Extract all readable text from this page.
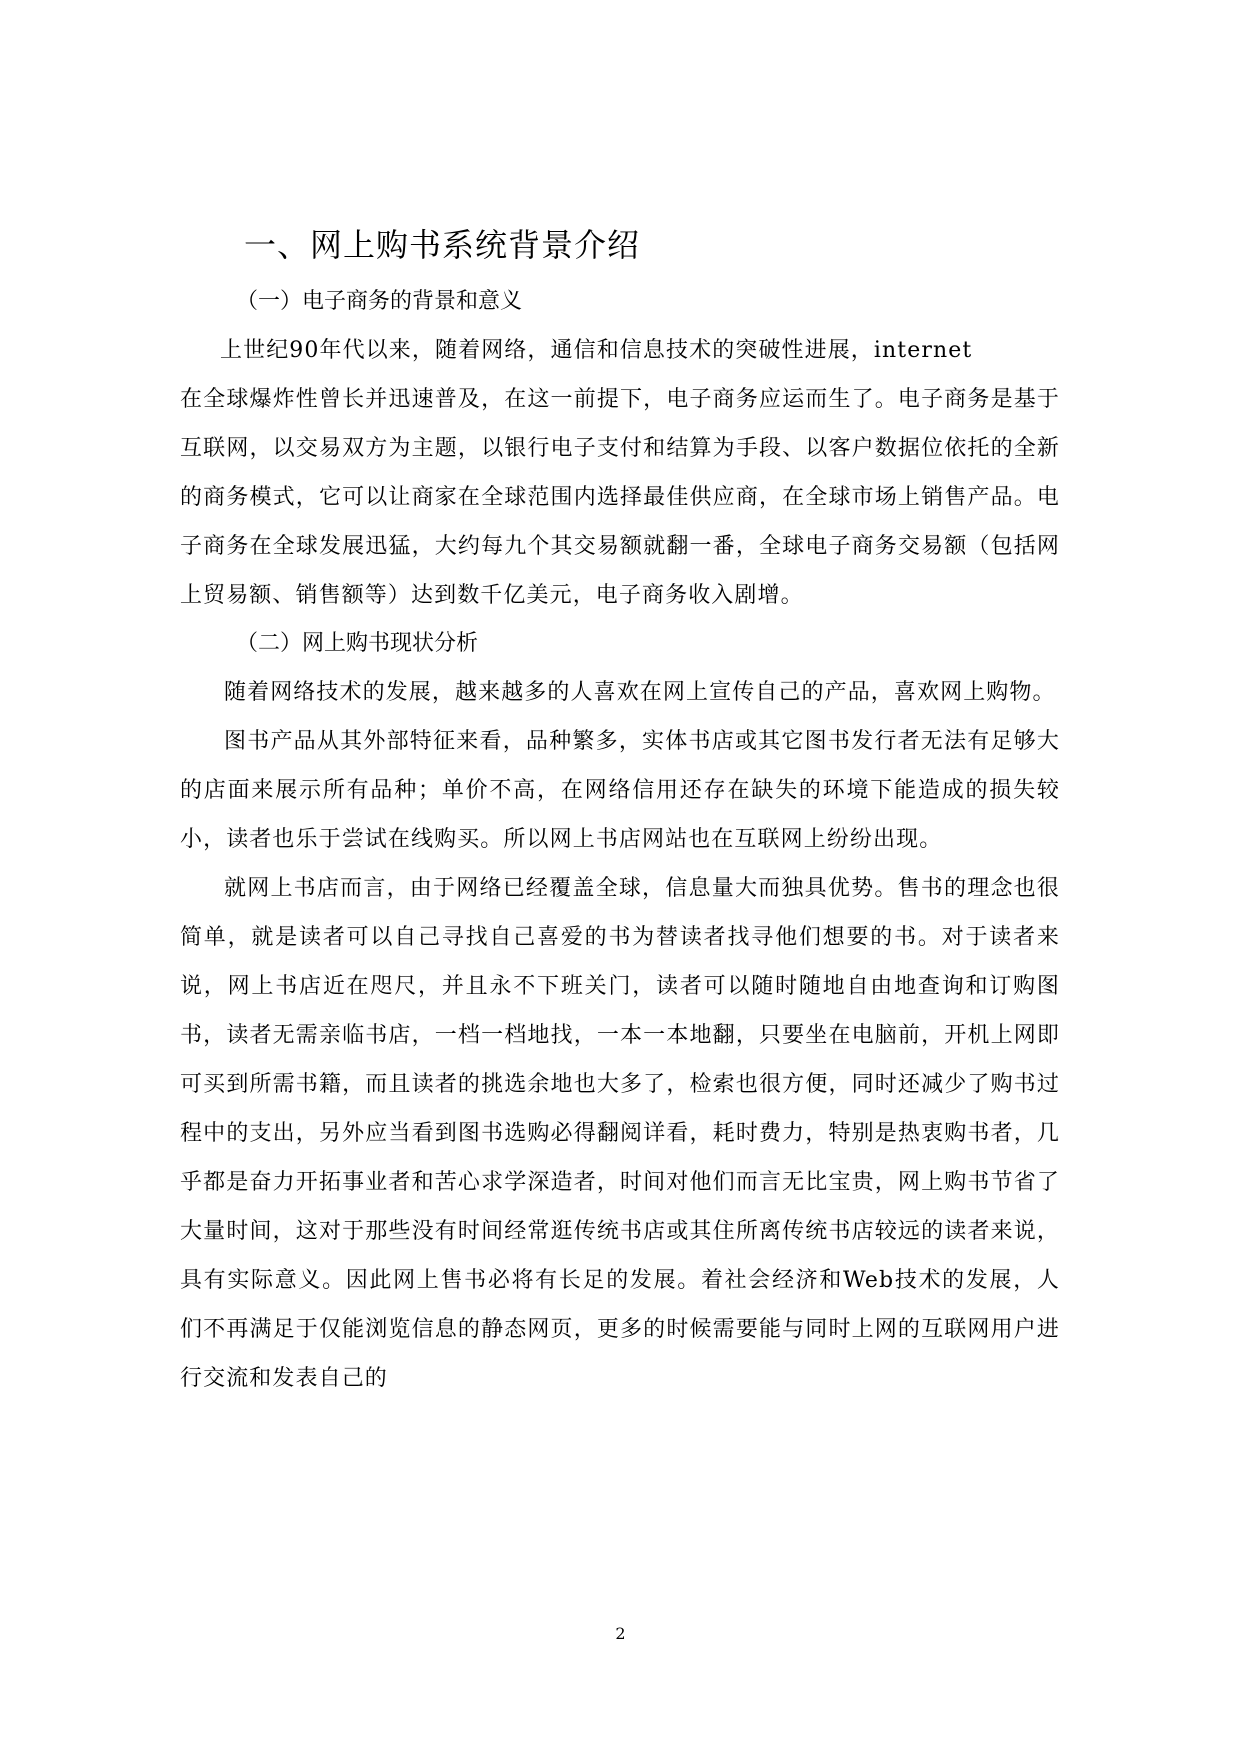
一、网上购书系统背景介绍
（一）电子商务的背景和意义

上世纪90年代以来，随着网络，通信和信息技术的突破性进展，internet

在全球爆炸性曾长并迅速普及，在这一前提下，电子商务应运而生了。电子商务是基于互联网，以交易双方为主题，以银行电子支付和结算为手段、以客户数据位依托的全新的商务模式，它可以让商家在全球范围内选择最佳供应商，在全球市场上销售产品。电子商务在全球发展迅猛，大约每九个其交易额就翻一番，全球电子商务交易额（包括网上贸易额、销售额等）达到数千亿美元，电子商务收入剧增。

（二）网上购书现状分析

随着网络技术的发展，越来越多的人喜欢在网上宣传自己的产品，喜欢网上购物。

图书产品从其外部特征来看，品种繁多，实体书店或其它图书发行者无法有足够大的店面来展示所有品种；单价不高，在网络信用还存在缺失的环境下能造成的损失较小，读者也乐于尝试在线购买。所以网上书店网站也在互联网上纷纷出现。

就网上书店而言，由于网络已经覆盖全球，信息量大而独具优势。售书的理念也很简单，就是读者可以自己寻找自己喜爱的书为替读者找寻他们想要的书。对于读者来说，网上书店近在咫尺，并且永不下班关门，读者可以随时随地自由地查询和订购图书，读者无需亲临书店，一档一档地找，一本一本地翻，只要坐在电脑前，开机上网即可买到所需书籍，而且读者的挑选余地也大多了，检索也很方便，同时还减少了购书过程中的支出，另外应当看到图书选购必得翻阅详看，耗时费力，特别是热衷购书者，几乎都是奋力开拓事业者和苦心求学深造者，时间对他们而言无比宝贵，网上购书节省了大量时间，这对于那些没有时间经常逛传统书店或其住所离传统书店较远的读者来说，具有实际意义。因此网上售书必将有长足的发展。着社会经济和Web技术的发展，人们不再满足于仅能浏览信息的静态网页，更多的时候需要能与同时上网的互联网用户进行交流和发表自己的

2
